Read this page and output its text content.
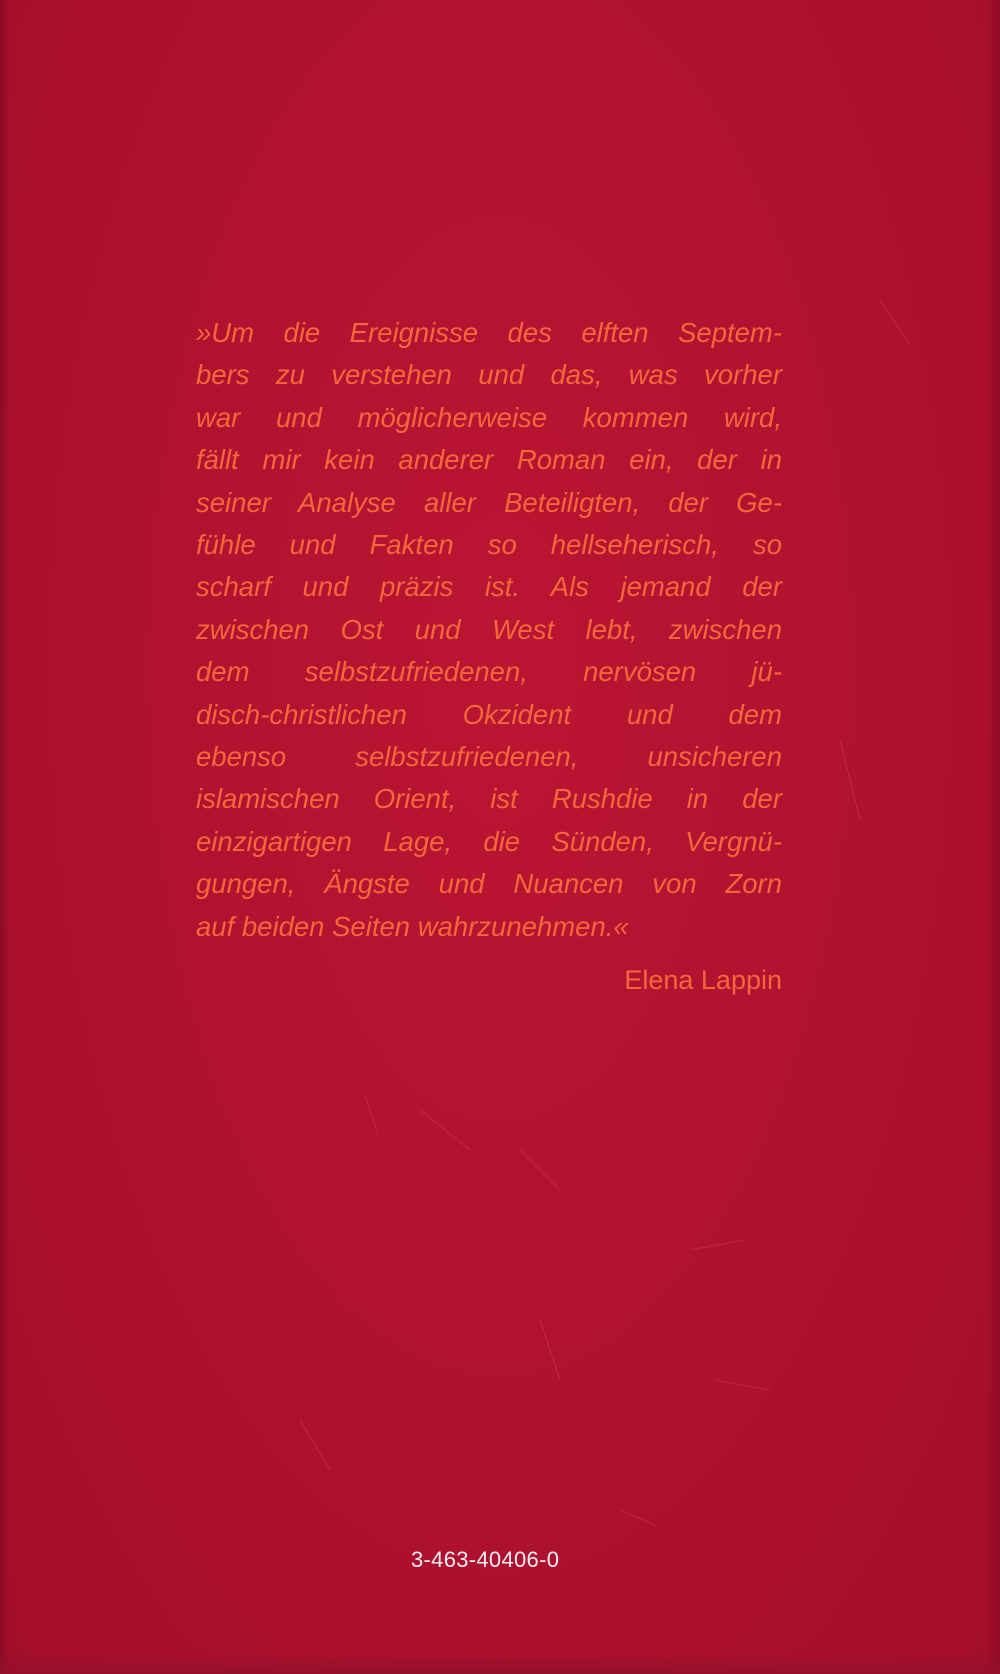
»Um die Ereignisse des elften Septem-
bers zu verstehen und das, was vorher
war und möglicherweise kommen wird,
fällt mir kein anderer Roman ein, der in
seiner Analyse aller Beteiligten, der Ge-
fühle und Fakten so hellseherisch, so
scharf und präzis ist. Als jemand der
zwischen Ost und West lebt, zwischen
dem selbstzufriedenen, nervösen jü-
disch-christlichen Okzident und dem
ebenso selbstzufriedenen, unsicheren
islamischen Orient, ist Rushdie in der
einzigartigen Lage, die Sünden, Vergnü-
gungen, Ängste und Nuancen von Zorn
auf beiden Seiten wahrzunehmen.«
Elena Lappin
3-463-40406-0
